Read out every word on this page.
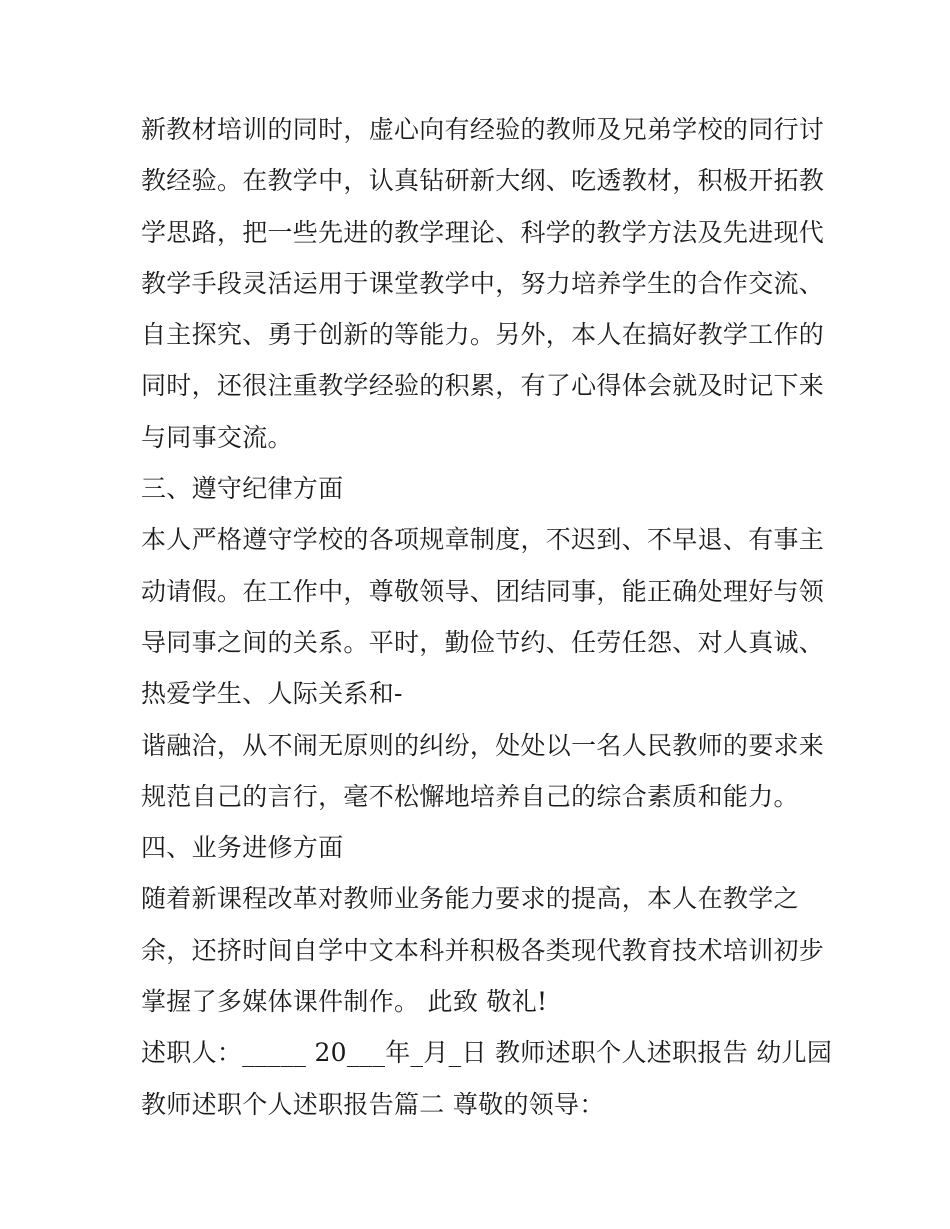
新教材培训的同时，虚心向有经验的教师及兄弟学校的同行讨
教经验。在教学中，认真钻研新大纲、吃透教材，积极开拓教
学思路，把一些先进的教学理论、科学的教学方法及先进现代
教学手段灵活运用于课堂教学中，努力培养学生的合作交流、
自主探究、勇于创新的等能力。另外，本人在搞好教学工作的
同时，还很注重教学经验的积累，有了心得体会就及时记下来
与同事交流。
三、遵守纪律方面
本人严格遵守学校的各项规章制度，不迟到、不早退、有事主
动请假。在工作中，尊敬领导、团结同事，能正确处理好与领
导同事之间的关系。平时，勤俭节约、任劳任怨、对人真诚、
热爱学生、人际关系和-
谐融洽，从不闹无原则的纠纷，处处以一名人民教师的要求来
规范自己的言行，毫不松懈地培养自己的综合素质和能力。
四、业务进修方面
随着新课程改革对教师业务能力要求的提高，本人在教学之
余，还挤时间自学中文本科并积极各类现代教育技术培训初步
掌握了多媒体课件制作。 此致 敬礼!
述职人：_____ 20___年_月_日 教师述职个人述职报告 幼儿园
教师述职个人述职报告篇二 尊敬的领导：
